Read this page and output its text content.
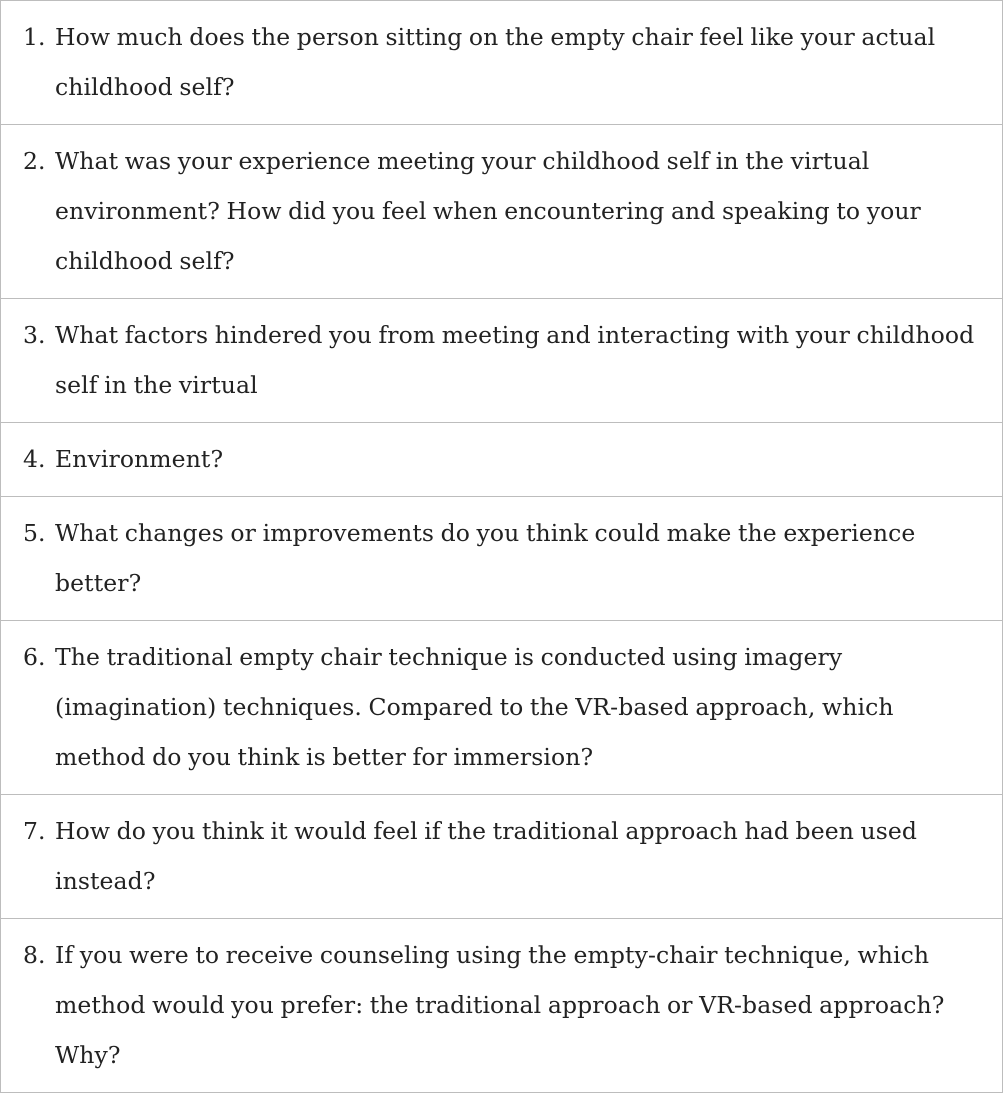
1. How much does the person sitting on the empty chair feel like your actual childhood self?

2. What was your experience meeting your childhood self in the virtual environment? How did you feel when encountering and speaking to your childhood self?

3. What factors hindered you from meeting and interacting with your childhood self in the virtual

4. Environment?

5. What changes or improvements do you think could make the experience better?

6. The traditional empty chair technique is conducted using imagery (imagination) techniques. Compared to the VR-based approach, which method do you think is better for immersion?

7. How do you think it would feel if the traditional approach had been used instead?

8. If you were to receive counseling using the empty-chair technique, which method would you prefer: the traditional approach or VR-based approach? Why?
